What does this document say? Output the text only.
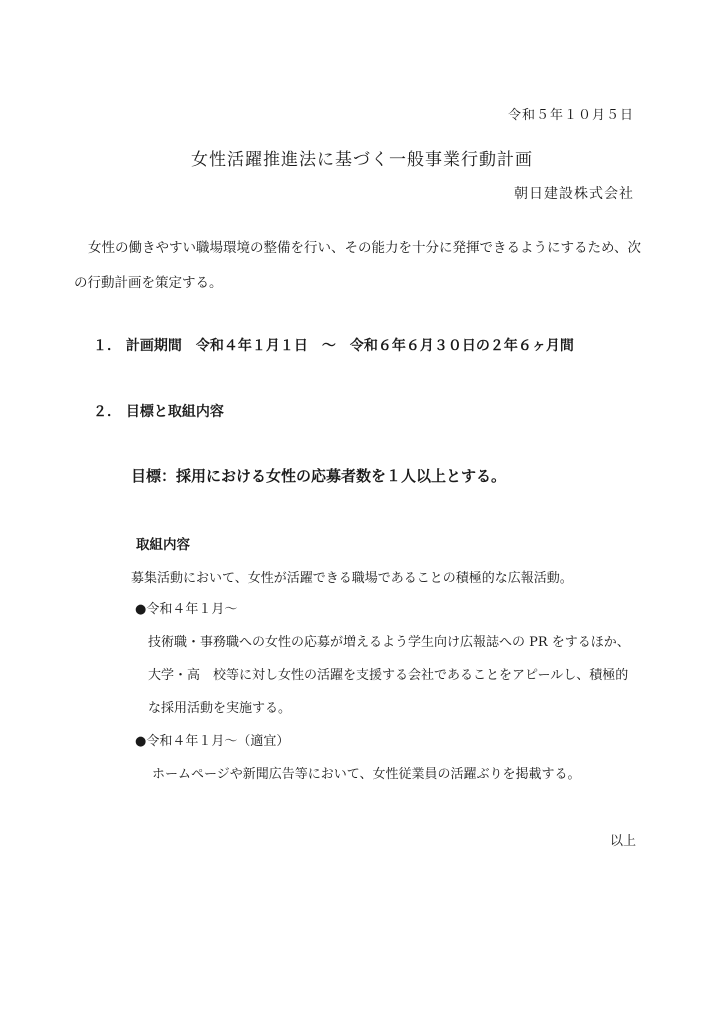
令和５年１０月５日
女性活躍推進法に基づく一般事業行動計画
朝日建設株式会社
女性の働きやすい職場環境の整備を行い、その能力を十分に発揮できるようにするため、次
の行動計画を策定する。
１． 計画期間　令和４年１月１日　～　令和６年６月３０日の２年６ヶ月間
２． 目標と取組内容
目標：採用における女性の応募者数を１人以上とする。
取組内容
募集活動において、女性が活躍できる職場であることの積極的な広報活動。
●令和４年１月～
技術職・事務職への女性の応募が増えるよう学生向け広報誌への PR をするほか、
大学・高　校等に対し女性の活躍を支援する会社であることをアピールし、積極的
な採用活動を実施する。
●令和４年１月～（適宜）
ホームページや新聞広告等において、女性従業員の活躍ぶりを掲載する。
以上
